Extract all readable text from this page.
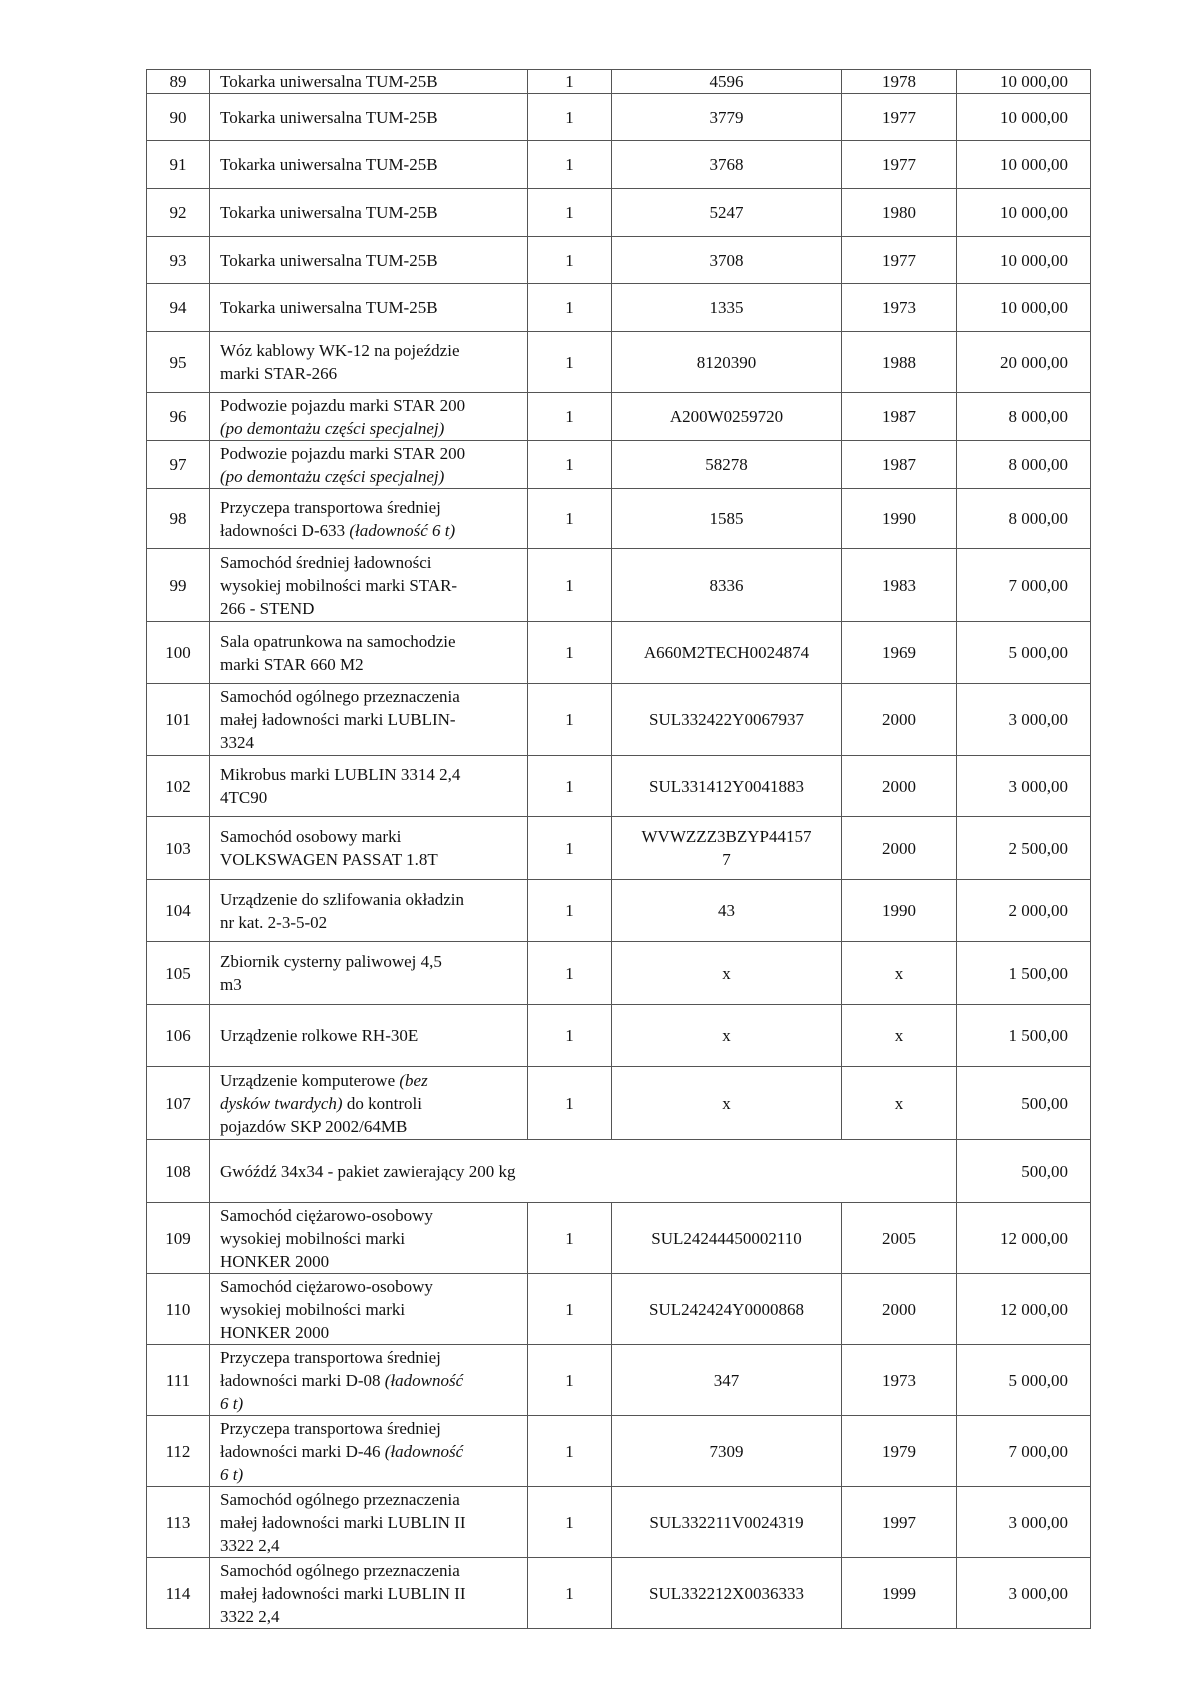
89	Tokarka uniwersalna TUM-25B	1	4596	1978	10 000,00
90	Tokarka uniwersalna TUM-25B	1	3779	1977	10 000,00
91	Tokarka uniwersalna TUM-25B	1	3768	1977	10 000,00
92	Tokarka uniwersalna TUM-25B	1	5247	1980	10 000,00
93	Tokarka uniwersalna TUM-25B	1	3708	1977	10 000,00
94	Tokarka uniwersalna TUM-25B	1	1335	1973	10 000,00
95	Wóz kablowy WK-12 na pojeździe
marki STAR-266	1	8120390	1988	20 000,00
96	Podwozie pojazdu marki STAR 200
(po demontażu części specjalnej)	1	A200W0259720	1987	8 000,00
97	Podwozie pojazdu marki STAR 200
(po demontażu części specjalnej)	1	58278	1987	8 000,00
98	Przyczepa transportowa średniej
ładowności D-633 (ładowność 6 t)	1	1585	1990	8 000,00
99	Samochód średniej ładowności
wysokiej mobilności marki STAR-
266 - STEND	1	8336	1983	7 000,00
100	Sala opatrunkowa na samochodzie
marki STAR 660 M2	1	A660M2TECH0024874	1969	5 000,00
101	Samochód ogólnego przeznaczenia
małej ładowności marki LUBLIN-
3324	1	SUL332422Y0067937	2000	3 000,00
102	Mikrobus marki LUBLIN 3314 2,4
4TC90	1	SUL331412Y0041883	2000	3 000,00
103	Samochód osobowy marki
VOLKSWAGEN PASSAT 1.8T	1	WVWZZZ3BZYP44157
7	2000	2 500,00
104	Urządzenie do szlifowania okładzin
nr kat. 2-3-5-02	1	43	1990	2 000,00
105	Zbiornik cysterny paliwowej 4,5
m3	1	x	x	1 500,00
106	Urządzenie rolkowe RH-30E	1	x	x	1 500,00
107	Urządzenie komputerowe (bez
dysków twardych) do kontroli
pojazdów SKP 2002/64MB	1	x	x	500,00
108	Gwóźdź 34x34 - pakiet zawierający 200 kg				500,00
109	Samochód ciężarowo-osobowy
wysokiej mobilności marki
HONKER 2000	1	SUL24244450002110	2005	12 000,00
110	Samochód ciężarowo-osobowy
wysokiej mobilności marki
HONKER 2000	1	SUL242424Y0000868	2000	12 000,00
111	Przyczepa transportowa średniej
ładowności marki D-08 (ładowność
6 t)	1	347	1973	5 000,00
112	Przyczepa transportowa średniej
ładowności marki D-46 (ładowność
6 t)	1	7309	1979	7 000,00
113	Samochód ogólnego przeznaczenia
małej ładowności marki LUBLIN II
3322 2,4	1	SUL332211V0024319	1997	3 000,00
114	Samochód ogólnego przeznaczenia
małej ładowności marki LUBLIN II
3322 2,4	1	SUL332212X0036333	1999	3 000,00
